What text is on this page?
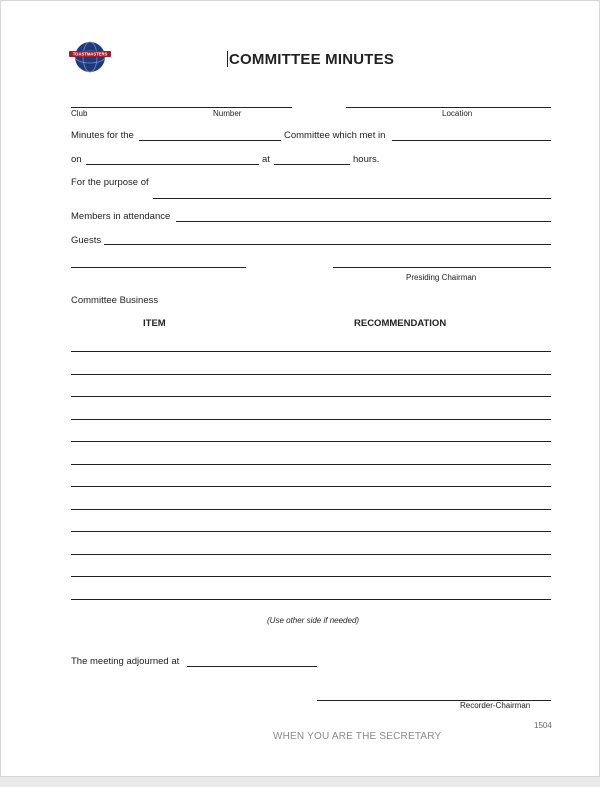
TOASTMASTERS	COMMITTEE MINUTES
Club	Number	Location
Minutes for the	Committee which met in
on	at	hours.
For the purpose of
Members in attendance
Guests
Presiding Chairman
Committee Business
ITEM	RECOMMENDATION
(Use other side if needed)
The meeting adjourned at
Recorder-Chairman
1504
WHEN YOU ARE THE SECRETARY
